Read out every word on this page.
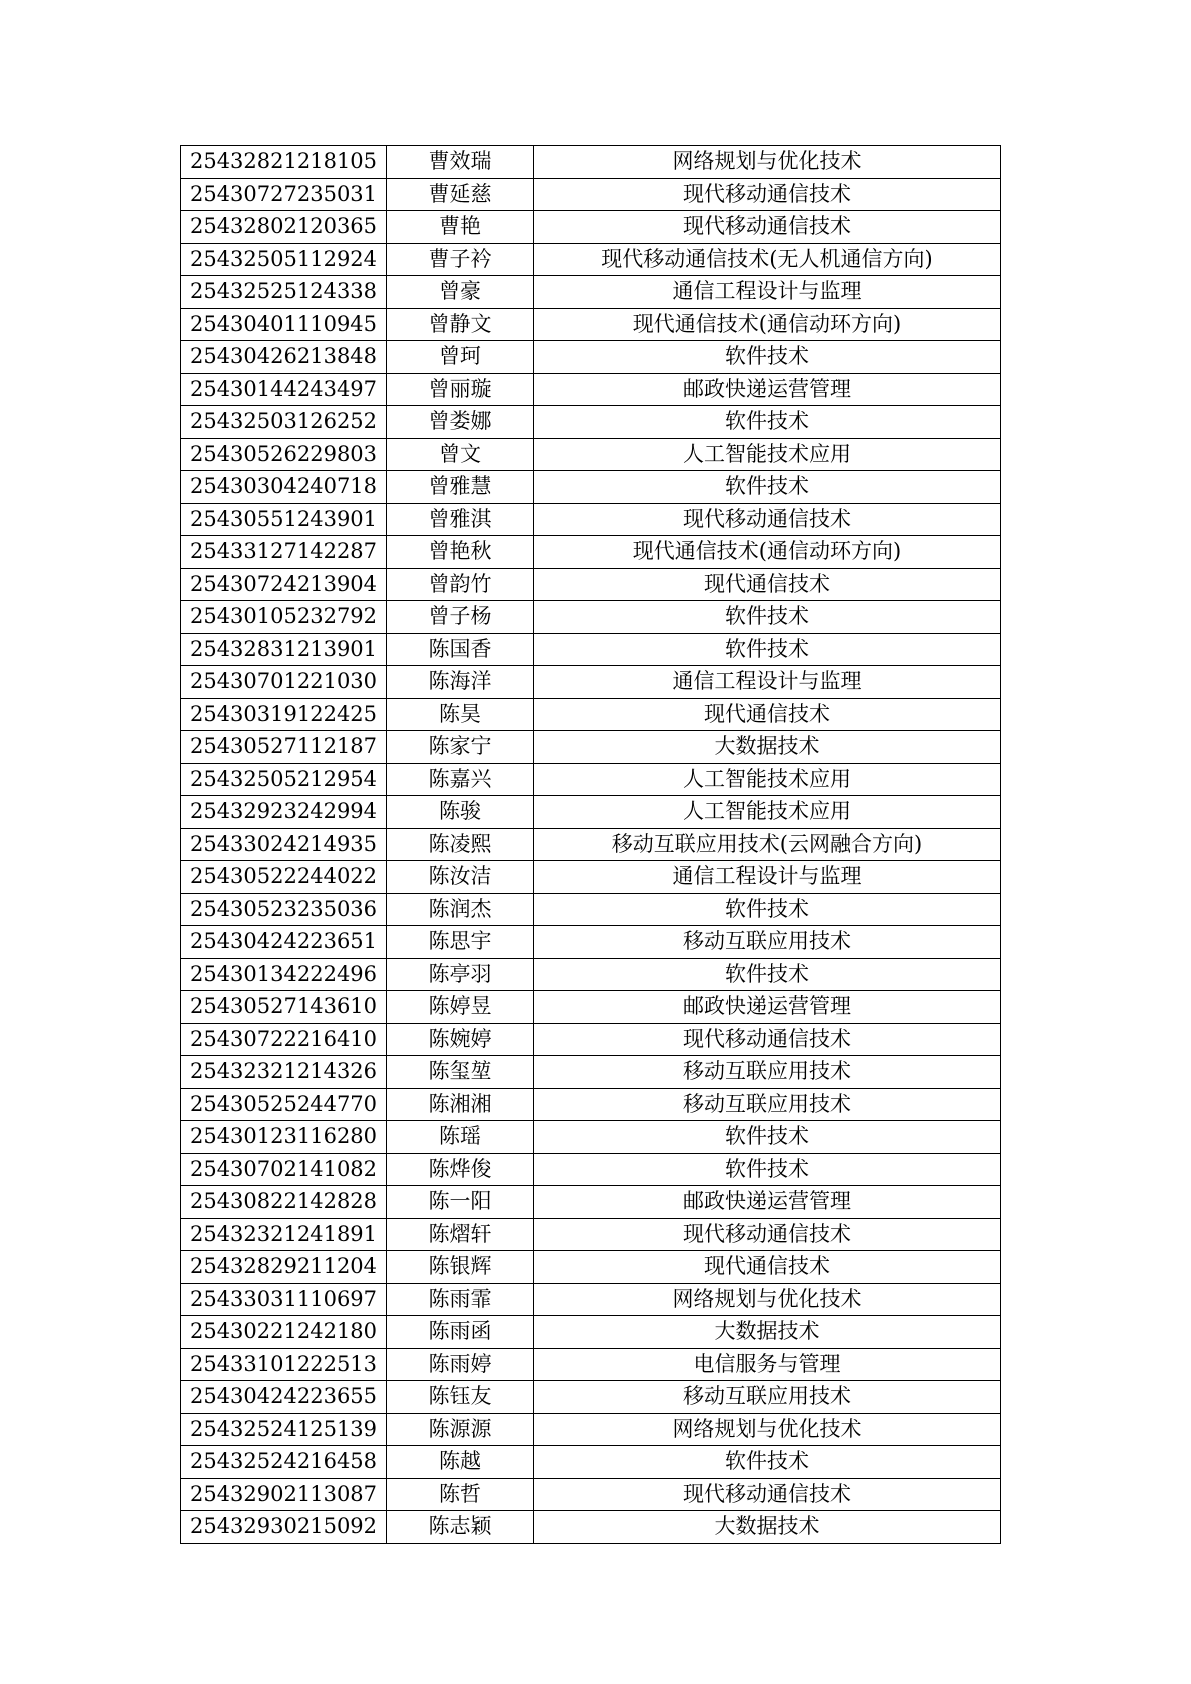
25432821218105	曹效瑞	网络规划与优化技术
25430727235031	曹延慈	现代移动通信技术
25432802120365	曹艳	现代移动通信技术
25432505112924	曹子衿	现代移动通信技术(无人机通信方向)
25432525124338	曾豪	通信工程设计与监理
25430401110945	曾静文	现代通信技术(通信动环方向)
25430426213848	曾珂	软件技术
25430144243497	曾丽璇	邮政快递运营管理
25432503126252	曾娄娜	软件技术
25430526229803	曾文	人工智能技术应用
25430304240718	曾雅慧	软件技术
25430551243901	曾雅淇	现代移动通信技术
25433127142287	曾艳秋	现代通信技术(通信动环方向)
25430724213904	曾韵竹	现代通信技术
25430105232792	曾子杨	软件技术
25432831213901	陈国香	软件技术
25430701221030	陈海洋	通信工程设计与监理
25430319122425	陈昊	现代通信技术
25430527112187	陈家宁	大数据技术
25432505212954	陈嘉兴	人工智能技术应用
25432923242994	陈骏	人工智能技术应用
25433024214935	陈凌熙	移动互联应用技术(云网融合方向)
25430522244022	陈汝洁	通信工程设计与监理
25430523235036	陈润杰	软件技术
25430424223651	陈思宇	移动互联应用技术
25430134222496	陈亭羽	软件技术
25430527143610	陈婷昱	邮政快递运营管理
25430722216410	陈婉婷	现代移动通信技术
25432321214326	陈玺堃	移动互联应用技术
25430525244770	陈湘湘	移动互联应用技术
25430123116280	陈瑶	软件技术
25430702141082	陈烨俊	软件技术
25430822142828	陈一阳	邮政快递运营管理
25432321241891	陈熠轩	现代移动通信技术
25432829211204	陈银辉	现代通信技术
25433031110697	陈雨霏	网络规划与优化技术
25430221242180	陈雨函	大数据技术
25433101222513	陈雨婷	电信服务与管理
25430424223655	陈钰友	移动互联应用技术
25432524125139	陈源源	网络规划与优化技术
25432524216458	陈越	软件技术
25432902113087	陈哲	现代移动通信技术
25432930215092	陈志颖	大数据技术
